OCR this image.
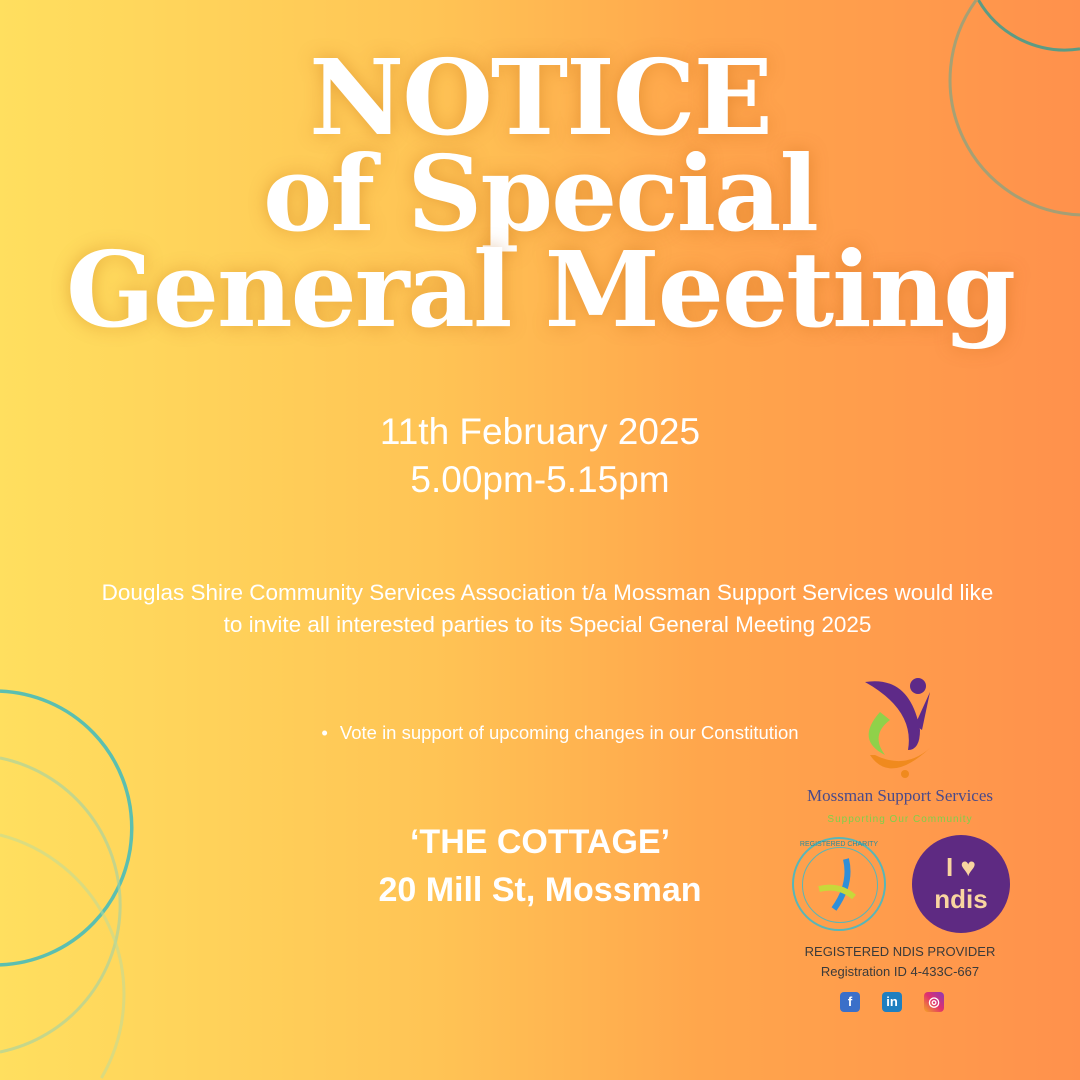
NOTICE
of Special
General Meeting
11th February 2025
5.00pm-5.15pm
Douglas Shire Community Services Association t/a Mossman Support Services would like to invite all interested parties to its Special General Meeting 2025
• Vote in support of upcoming changes in our Constitution
‘THE COTTAGE’
20 Mill St, Mossman
Mossman Support Services
Supporting Our Community
REGISTERED CHARITY
I ♥ ndis
REGISTERED NDIS PROVIDER
Registration ID 4-433C-667
f	in	◎
